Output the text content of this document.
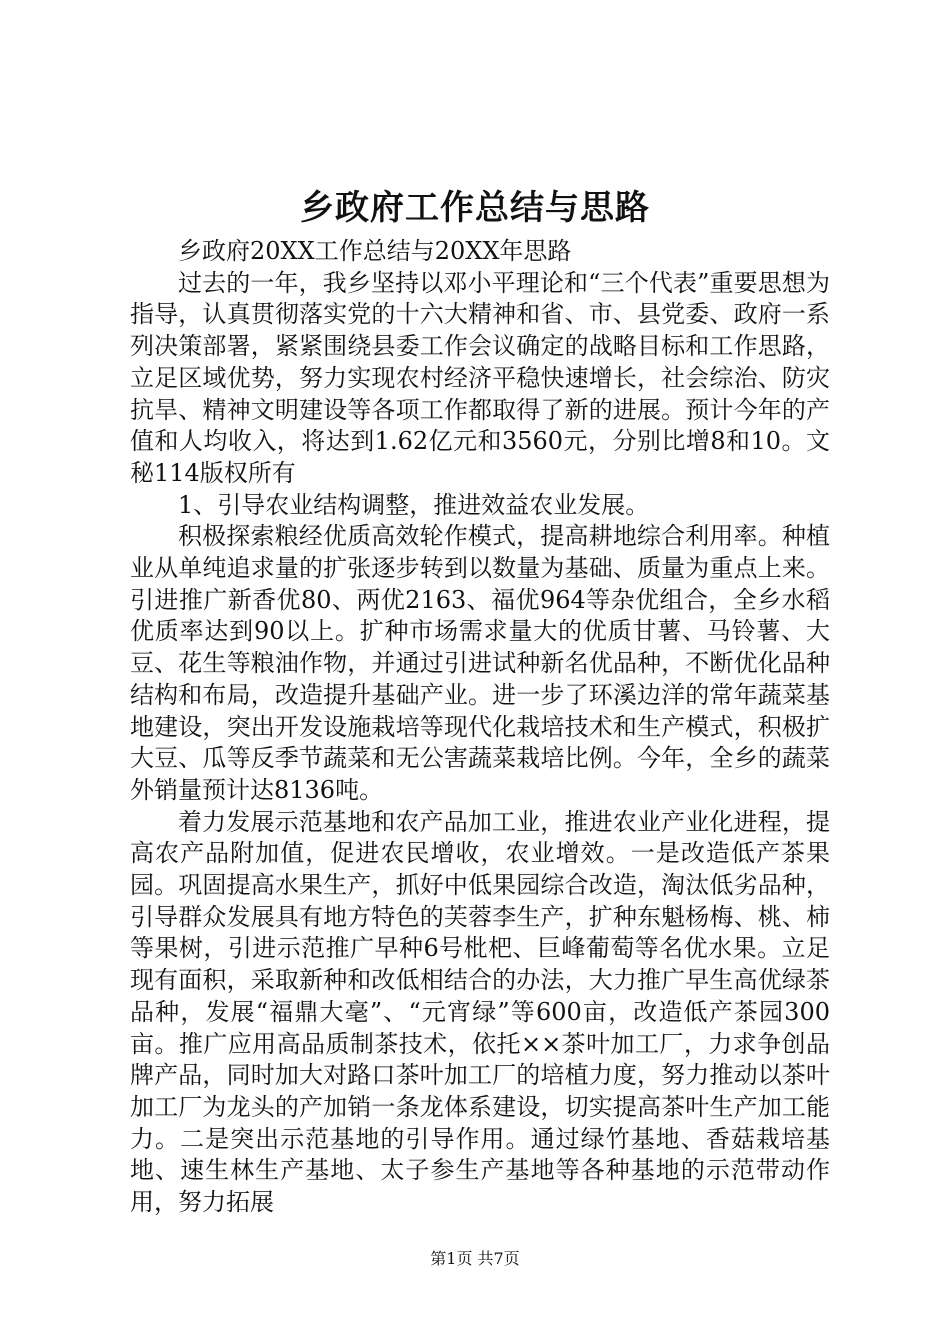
乡政府工作总结与思路

乡政府20XX工作总结与20XX年思路

过去的一年，我乡坚持以邓小平理论和“三个代表”重要思想为指导，认真贯彻落实党的十六大精神和省、市、县党委、政府一系列决策部署，紧紧围绕县委工作会议确定的战略目标和工作思路，立足区域优势，努力实现农村经济平稳快速增长，社会综治、防灾抗旱、精神文明建设等各项工作都取得了新的进展。预计今年的产值和人均收入，将达到1.62亿元和3560元，分别比增8和10。文秘114版权所有

1、引导农业结构调整，推进效益农业发展。

积极探索粮经优质高效轮作模式，提高耕地综合利用率。种植业从单纯追求量的扩张逐步转到以数量为基础、质量为重点上来。引进推广新香优80、两优2163、福优964等杂优组合，全乡水稻优质率达到90以上。扩种市场需求量大的优质甘薯、马铃薯、大豆、花生等粮油作物，并通过引进试种新名优品种，不断优化品种结构和布局，改造提升基础产业。进一步了环溪边洋的常年蔬菜基地建设，突出开发设施栽培等现代化栽培技术和生产模式，积极扩大豆、瓜等反季节蔬菜和无公害蔬菜栽培比例。今年，全乡的蔬菜外销量预计达8136吨。

着力发展示范基地和农产品加工业，推进农业产业化进程，提高农产品附加值，促进农民增收，农业增效。一是改造低产茶果园。巩固提高水果生产，抓好中低果园综合改造，淘汰低劣品种，引导群众发展具有地方特色的芙蓉李生产，扩种东魁杨梅、桃、柿等果树，引进示范推广早种6号枇杷、巨峰葡萄等名优水果。立足现有面积，采取新种和改低相结合的办法，大力推广早生高优绿茶品种，发展“福鼎大毫”、“元宵绿”等600亩，改造低产茶园300亩。推广应用高品质制茶技术，依托××茶叶加工厂，力求争创品牌产品，同时加大对路口茶叶加工厂的培植力度，努力推动以茶叶加工厂为龙头的产加销一条龙体系建设，切实提高茶叶生产加工能力。二是突出示范基地的引导作用。通过绿竹基地、香菇栽培基地、速生林生产基地、太子参生产基地等各种基地的示范带动作用，努力拓展

第1页 共7页
